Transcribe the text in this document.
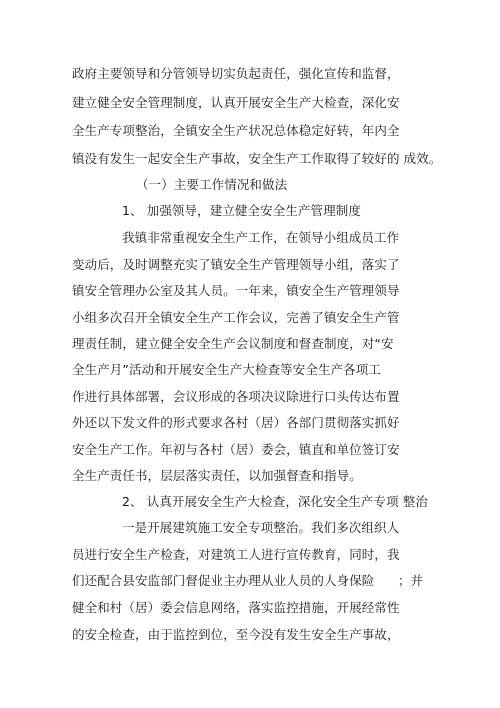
政府主要领导和分管领导切实负起责任，强化宣传和监督，
建立健全安全管理制度，认真开展安全生产大检查，深化安
全生产专项整治，全镇安全生产状况总体稳定好转，年内全
镇没有发生一起安全生产事故，安全生产工作取得了较好的 成效。
（一）主要工作情况和做法
1、 加强领导，建立健全安全生产管理制度
我镇非常重视安全生产工作，在领导小组成员工作
变动后，及时调整充实了镇安全生产管理领导小组，落实了
镇安全管理办公室及其人员。一年来，镇安全生产管理领导
小组多次召开全镇安全生产工作会议，完善了镇安全生产管
理责任制，建立健全安全生产会议制度和督查制度，对“安
全生产月”活动和开展安全生产大检查等安全生产各项工
作进行具体部署，会议形成的各项决议除进行口头传达布置
外还以下发文件的形式要求各村（居）各部门贯彻落实抓好
安全生产工作。年初与各村（居）委会，镇直和单位签订安
全生产责任书，层层落实责任，以加强督查和指导。
2、 认真开展安全生产大检查，深化安全生产专项 整治
一是开展建筑施工安全专项整治。我们多次组织人
员进行安全生产检查，对建筑工人进行宣传教育，同时，我
们还配合县安监部门督促业主办理从业人员的人身保险 ；并
健全和村（居）委会信息网络，落实监控措施，开展经常性
的安全检查，由于监控到位，至今没有发生安全生产事故，
